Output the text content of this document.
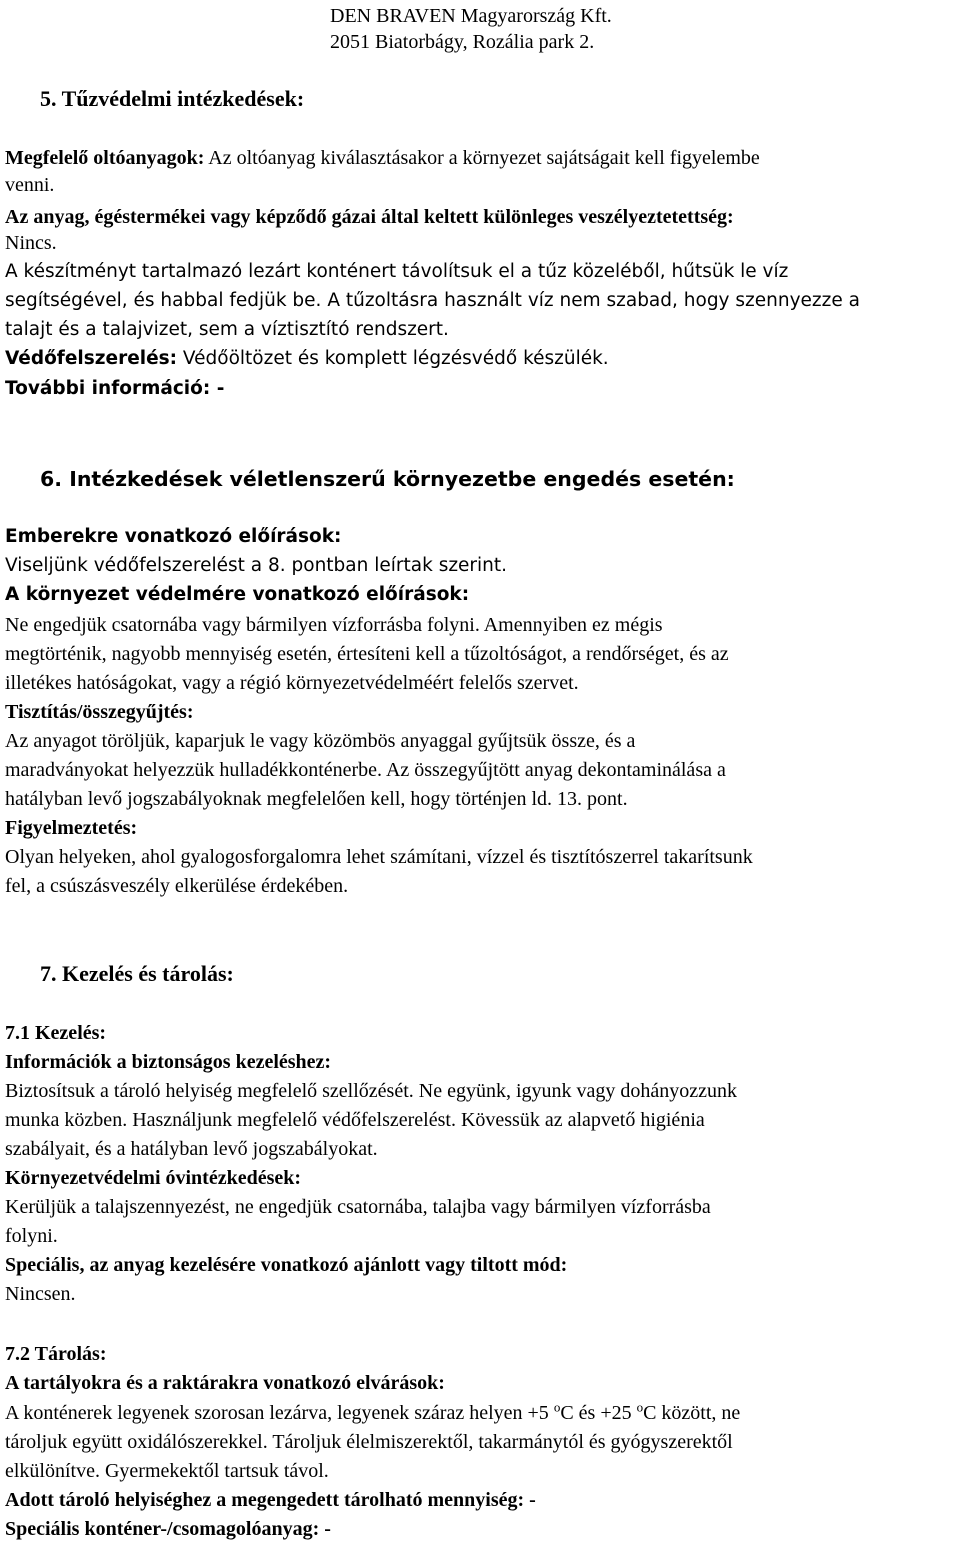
DEN BRAVEN Magyarország Kft.
2051 Biatorbágy, Rozália park 2.
5. Tűzvédelmi intézkedések:
Megfelelő oltóanyagok: Az oltóanyag kiválasztásakor a környezet sajátságait kell figyelembe
venni.
Az anyag, égéstermékei vagy képződő gázai által keltett különleges veszélyeztetettség:
Nincs.
A készítményt tartalmazó lezárt konténert távolítsuk el a tűz közeléből, hűtsük le víz
segítségével, és habbal fedjük be. A tűzoltásra használt víz nem szabad, hogy szennyezze a
talajt és a talajvizet, sem a víztisztító rendszert.
Védőfelszerelés: Védőöltözet és komplett légzésvédő készülék.
További információ: -
6. Intézkedések véletlenszerű környezetbe engedés esetén:
Emberekre vonatkozó előírások:
Viseljünk védőfelszerelést a 8. pontban leírtak szerint.
A környezet védelmére vonatkozó előírások:
Ne engedjük csatornába vagy bármilyen vízforrásba folyni. Amennyiben ez mégis
megtörténik, nagyobb mennyiség esetén, értesíteni kell a tűzoltóságot, a rendőrséget, és az
illetékes hatóságokat, vagy a régió környezetvédelméért felelős szervet.
Tisztítás/összegyűjtés:
Az anyagot töröljük, kaparjuk le vagy közömbös anyaggal gyűjtsük össze, és a
maradványokat helyezzük hulladékkonténerbe. Az összegyűjtött anyag dekontaminálása a
hatályban levő jogszabályoknak megfelelően kell, hogy történjen ld. 13. pont.
Figyelmeztetés:
Olyan helyeken, ahol gyalogosforgalomra lehet számítani, vízzel és tisztítószerrel takarítsunk
fel, a csúszásveszély elkerülése érdekében.
7. Kezelés és tárolás:
7.1 Kezelés:
Információk a biztonságos kezeléshez:
Biztosítsuk a tároló helyiség megfelelő szellőzését. Ne együnk, igyunk vagy dohányozzunk
munka közben. Használjunk megfelelő védőfelszerelést. Kövessük az alapvető higiénia
szabályait, és a hatályban levő jogszabályokat.
Környezetvédelmi óvintézkedések:
Kerüljük a talajszennyezést, ne engedjük csatornába, talajba vagy bármilyen vízforrásba
folyni.
Speciális, az anyag kezelésére vonatkozó ajánlott vagy tiltott mód:
Nincsen.
7.2 Tárolás:
A tartályokra és a raktárakra vonatkozó elvárások:
A konténerek legyenek szorosan lezárva, legyenek száraz helyen +5 $^o$C és +25 $^o$C között, ne
tároljuk együtt oxidálószerekkel. Tároljuk élelmiszerektől, takarmánytól és gyógyszerektől
elkülönítve. Gyermekektől tartsuk távol.
Adott tároló helyiséghez a megengedett tárolható mennyiség: -
Speciális konténer-/csomagolóanyag: -
